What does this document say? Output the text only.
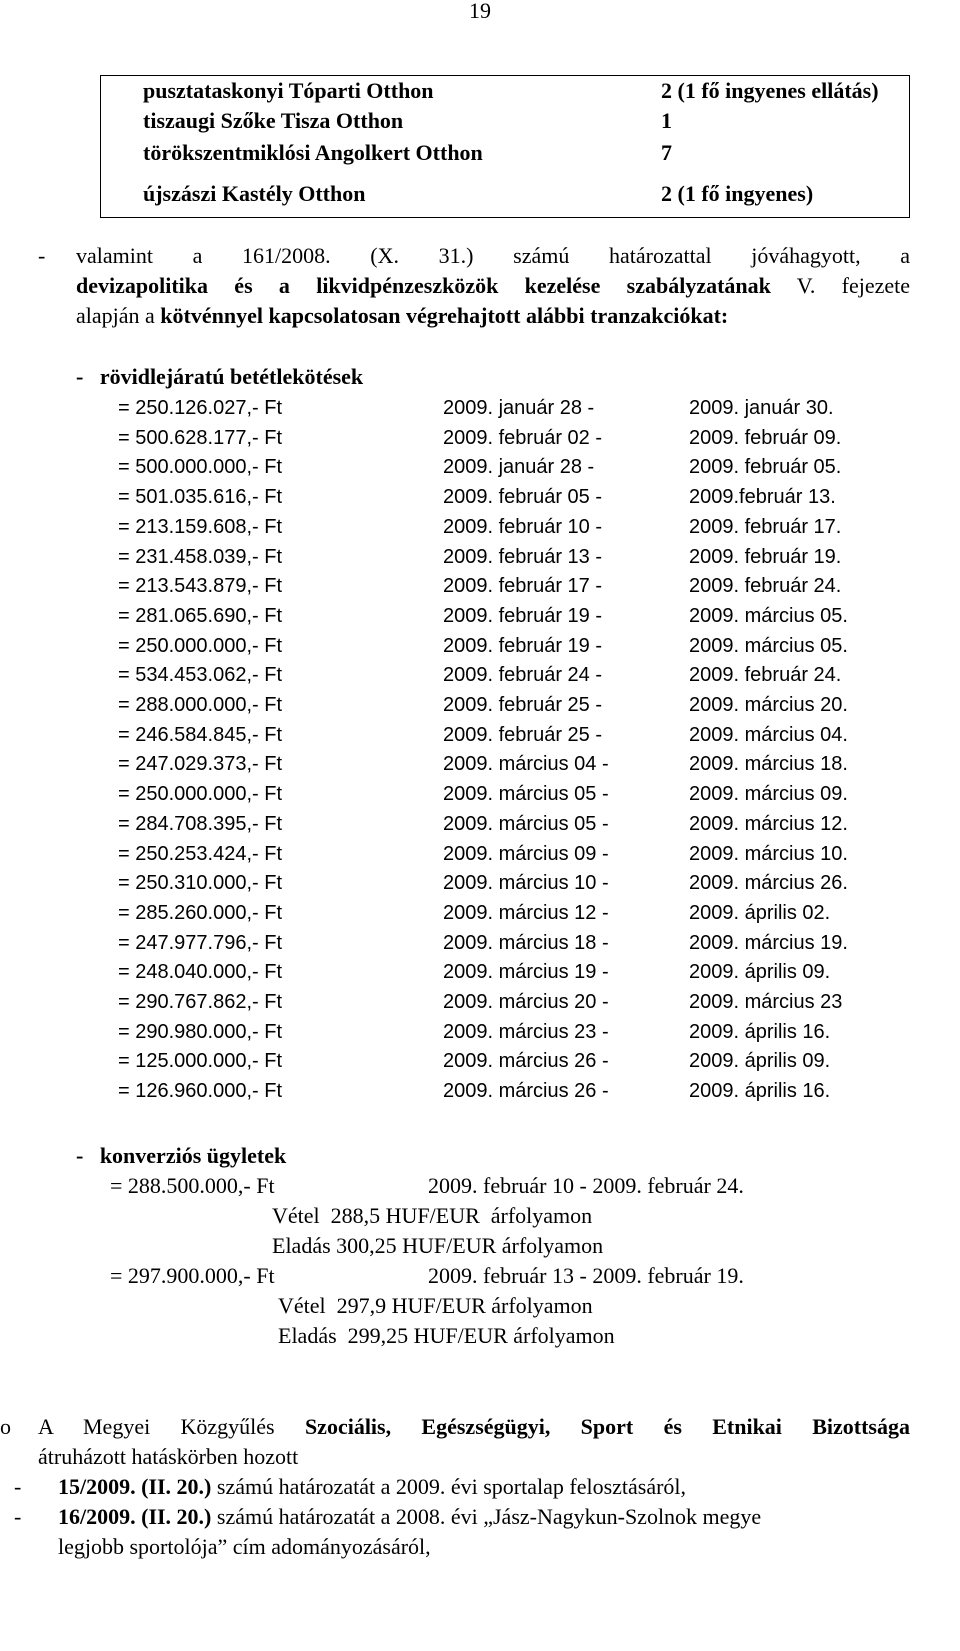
19
pusztataskonyi Tóparti Otthon	2 (1 fő ingyenes ellátás)
tiszaugi Szőke Tisza Otthon	1
törökszentmiklósi Angolkert Otthon	7
újszászi Kastély Otthon	2 (1 fő ingyenes)
- valamint a 161/2008. (X. 31.) számú határozattal jóváhagyott, a
devizapolitika és a likvidpénzeszközök kezelése szabályzatának V. fejezete
alapján a kötvénnyel kapcsolatosan végrehajtott alábbi tranzakciókat:
-   rövidlejáratú betétlekötések
= 250.126.027,- Ft	2009. január 28 -	2009. január 30.
= 500.628.177,- Ft	2009. február 02 -	2009. február 09.
= 500.000.000,- Ft	2009. január 28 -	2009. február 05.
= 501.035.616,- Ft	2009. február 05 -	2009.február 13.
= 213.159.608,- Ft	2009. február 10 -	2009. február 17.
= 231.458.039,- Ft	2009. február 13 -	2009. február 19.
= 213.543.879,- Ft	2009. február 17 -	2009. február 24.
= 281.065.690,- Ft	2009. február 19 -	2009. március 05.
= 250.000.000,- Ft	2009. február 19 -	2009. március 05.
= 534.453.062,- Ft	2009. február 24 -	2009. február 24.
= 288.000.000,- Ft	2009. február 25 -	2009. március 20.
= 246.584.845,- Ft	2009. február 25 -	2009. március 04.
= 247.029.373,- Ft	2009. március 04 -	2009. március 18.
= 250.000.000,- Ft	2009. március 05 -	2009. március 09.
= 284.708.395,- Ft	2009. március 05 -	2009. március 12.
= 250.253.424,- Ft	2009. március 09 -	2009. március 10.
= 250.310.000,- Ft	2009. március 10 -	2009. március 26.
= 285.260.000,- Ft	2009. március 12 -	2009. április 02.
= 247.977.796,- Ft	2009. március 18 -	2009. március 19.
= 248.040.000,- Ft	2009. március 19 -	2009. április 09.
= 290.767.862,- Ft	2009. március 20 -	2009. március 23
= 290.980.000,- Ft	2009. március 23 -	2009. április 16.
= 125.000.000,- Ft	2009. március 26 -	2009. április 09.
= 126.960.000,- Ft	2009. március 26 -	2009. április 16.
-   konverziós ügyletek
= 288.500.000,- Ft	2009. február 10 - 2009. február 24.
Vétel  288,5 HUF/EUR  árfolyamon
Eladás 300,25 HUF/EUR árfolyamon
= 297.900.000,- Ft	2009. február 13 - 2009. február 19.
Vétel  297,9 HUF/EUR árfolyamon
Eladás  299,25 HUF/EUR árfolyamon
o A Megyei Közgyűlés Szociális, Egészségügyi, Sport és Etnikai Bizottsága
átruházott hatáskörben hozott
- 15/2009. (II. 20.) számú határozatát a 2009. évi sportalap felosztásáról,
- 16/2009. (II. 20.) számú határozatát a 2008. évi „Jász-Nagykun-Szolnok megye
legjobb sportolója” cím adományozásáról,
